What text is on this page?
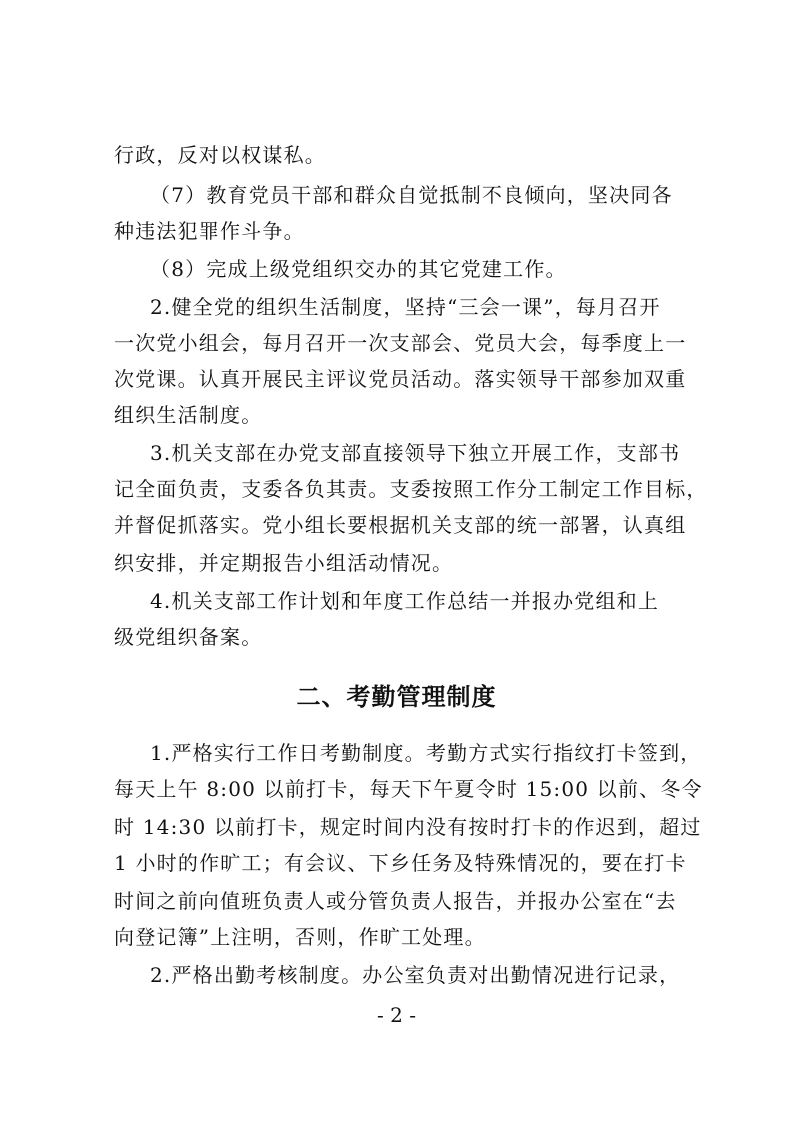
行政，反对以权谋私。
（7）教育党员干部和群众自觉抵制不良倾向，坚决同各
种违法犯罪作斗争。
（8）完成上级党组织交办的其它党建工作。
2.健全党的组织生活制度，坚持“三会一课”，每月召开
一次党小组会，每月召开一次支部会、党员大会，每季度上一
次党课。认真开展民主评议党员活动。落实领导干部参加双重
组织生活制度。
3.机关支部在办党支部直接领导下独立开展工作，支部书
记全面负责，支委各负其责。支委按照工作分工制定工作目标，
并督促抓落实。党小组长要根据机关支部的统一部署，认真组
织安排，并定期报告小组活动情况。
4.机关支部工作计划和年度工作总结一并报办党组和上
级党组织备案。
二、考勤管理制度
1.严格实行工作日考勤制度。考勤方式实行指纹打卡签到，
每天上午 8:00 以前打卡，每天下午夏令时 15:00 以前、冬令
时 14:30 以前打卡，规定时间内没有按时打卡的作迟到，超过
1 小时的作旷工；有会议、下乡任务及特殊情况的，要在打卡
时间之前向值班负责人或分管负责人报告，并报办公室在“去
向登记簿”上注明，否则，作旷工处理。
2.严格出勤考核制度。办公室负责对出勤情况进行记录，
- 2 -
